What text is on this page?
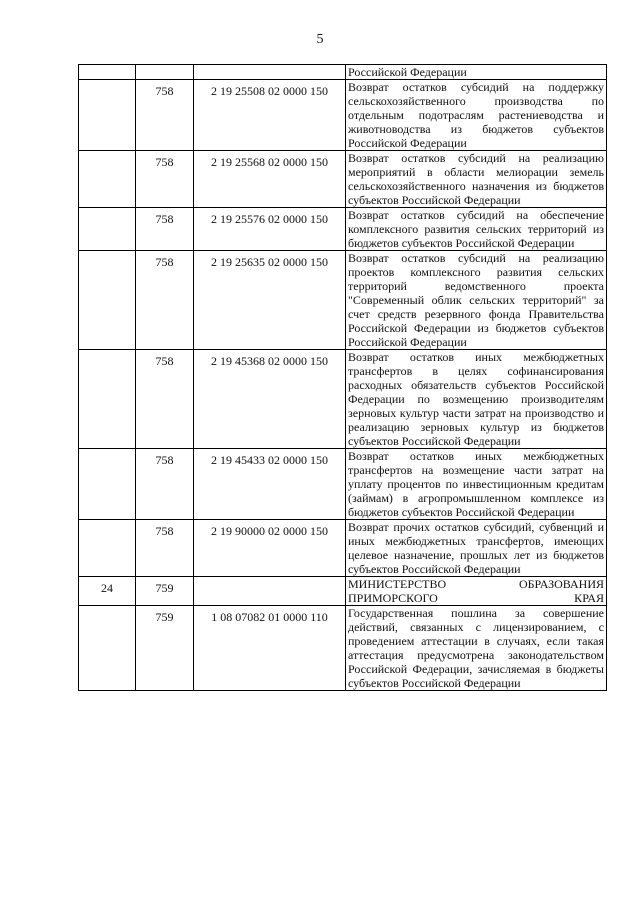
5
			Российской Федерации
	758	2 19 25508 02 0000 150	Возврат остатков субсидий на поддержку сельскохозяйственного производства по отдельным подотраслям растениеводства и животноводства из бюджетов субъектов Российской Федерации
	758	2 19 25568 02 0000 150	Возврат остатков субсидий на реализацию мероприятий в области мелиорации земель сельскохозяйственного назначения из бюджетов субъектов Российской Федерации
	758	2 19 25576 02 0000 150	Возврат остатков субсидий на обеспечение комплексного развития сельских территорий из бюджетов субъектов Российской Федерации
	758	2 19 25635 02 0000 150	Возврат остатков субсидий на реализацию проектов комплексного развития сельских территорий ведомственного проекта "Современный облик сельских территорий" за счет средств резервного фонда Правительства Российской Федерации из бюджетов субъектов Российской Федерации
	758	2 19 45368 02 0000 150	Возврат остатков иных межбюджетных трансфертов в целях софинансирования расходных обязательств субъектов Российской Федерации по возмещению производителям зерновых культур части затрат на производство и реализацию зерновых культур из бюджетов субъектов Российской Федерации
	758	2 19 45433 02 0000 150	Возврат остатков иных межбюджетных трансфертов на возмещение части затрат на уплату процентов по инвестиционным кредитам (займам) в агропромышленном комплексе из бюджетов субъектов Российской Федерации
	758	2 19 90000 02 0000 150	Возврат прочих остатков субсидий, субвенций и иных межбюджетных трансфертов, имеющих целевое назначение, прошлых лет из бюджетов субъектов Российской Федерации
24	759		МИНИСТЕРСТВО ОБРАЗОВАНИЯ ПРИМОРСКОГО КРАЯ
	759	1 08 07082 01 0000 110	Государственная пошлина за совершение действий, связанных с лицензированием, с проведением аттестации в случаях, если такая аттестация предусмотрена законодательством Российской Федерации, зачисляемая в бюджеты субъектов Российской Федерации
